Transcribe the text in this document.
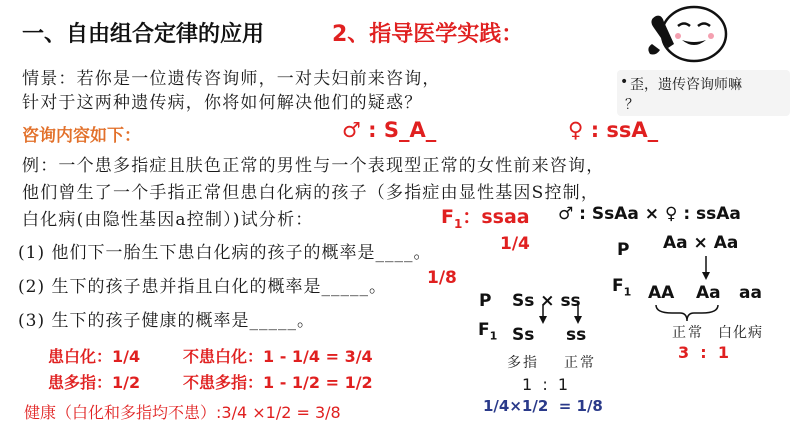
一、自由组合定律的应用	2、指导医学实践：
情景：若你是一位遗传咨询师，一对夫妇前来咨询，
针对于这两种遗传病，你将如何解决他们的疑惑？
• 歪，遗传咨询师嘛
？
咨询内容如下：	♂ : S_A_	♀ : ssA_
例：一个患多指症且肤色正常的男性与一个表现型正常的女性前来咨询，
他们曾生了一个手指正常但患白化病的孩子（多指症由显性基因S控制，
白化病(由隐性基因a控制）)试分析：	$F_1$：ssaa ♂ : SsAa × ♀ : ssAa
(1) 他们下一胎生下患白化病的孩子的概率是____。	1/4
(2) 生下的孩子患并指且白化的概率是_____。 1/8
(3) 生下的孩子健康的概率是_____。
患白化：1/4	不患白化：1 - 1/4 = 3/4
患多指：1/2	不患多指：1 - 1/2 = 1/2
健康（白化和多指均不患）:3/4 ×1/2 = 3/8
P Ss × ss
$F_1$ Ss ss
多指 正常
1  :  1
1/4×1/2  = 1/8
P Aa × Aa
$F_1$ AA Aa aa
正常 白化病
3  :  1
